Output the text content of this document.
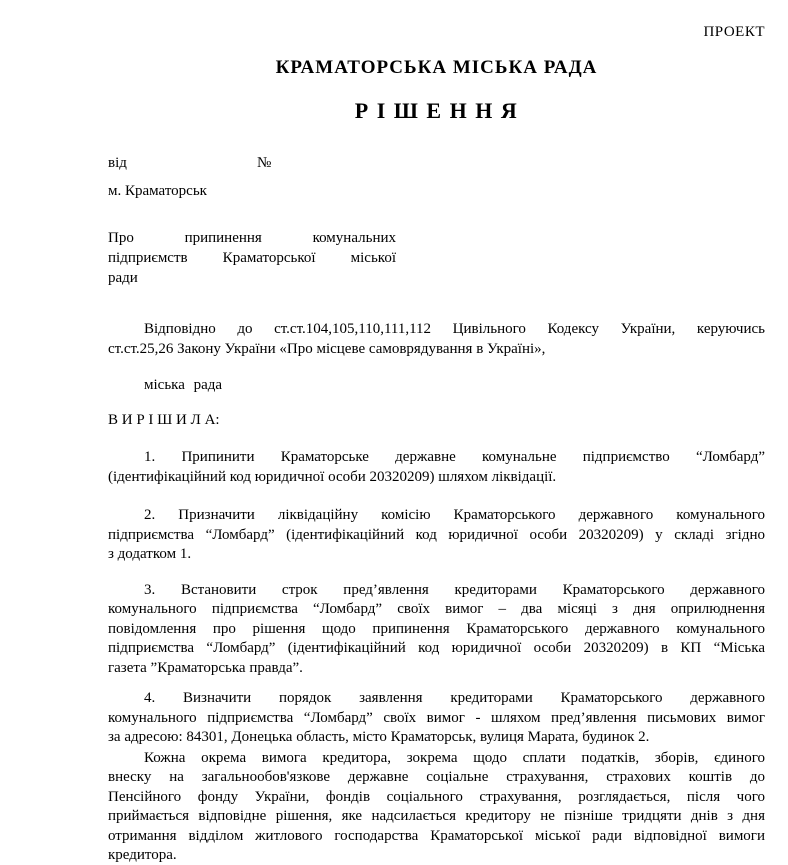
ПРОЕКТ
КРАМАТОРСЬКА МІСЬКА РАДА
Р І Ш Е Н Н Я
від	№
м. Краматорськ
Про припинення комунальних
підприємств Краматорської міської
ради
Відповідно до ст.ст.104,105,110,111,112 Цивільного Кодексу України, керуючись
ст.ст.25,26 Закону України «Про місцеве самоврядування в Україні»,
міська рада
В И Р І Ш И Л А:
1. Припинити Краматорське державне комунальне підприємство “Ломбард”
(ідентифікаційний код юридичної особи 20320209) шляхом ліквідації.
2. Призначити ліквідаційну комісію Краматорського державного комунального
підприємства “Ломбард” (ідентифікаційний код юридичної особи 20320209) у складі згідно
з додатком 1.
3. Встановити строк пред’явлення кредиторами Краматорського державного
комунального підприємства “Ломбард” своїх вимог – два місяці з дня оприлюднення
повідомлення про рішення щодо припинення Краматорського державного комунального
підприємства “Ломбард” (ідентифікаційний код юридичної особи 20320209) в КП “Міська
газета ”Краматорська правда”.
4. Визначити порядок заявлення кредиторами Краматорського державного
комунального підприємства “Ломбард” своїх вимог - шляхом пред’явлення письмових вимог
за адресою: 84301, Донецька область, місто Краматорськ, вулиця Марата, будинок 2.
Кожна окрема вимога кредитора, зокрема щодо сплати податків, зборів, єдиного
внеску на загальнообов'язкове державне соціальне страхування, страхових коштів до
Пенсійного фонду України, фондів соціального страхування, розглядається, після чого
приймається відповідне рішення, яке надсилається кредитору не пізніше тридцяти днів з дня
отримання відділом житлового господарства Краматорської міської ради відповідної вимоги
кредитора.
